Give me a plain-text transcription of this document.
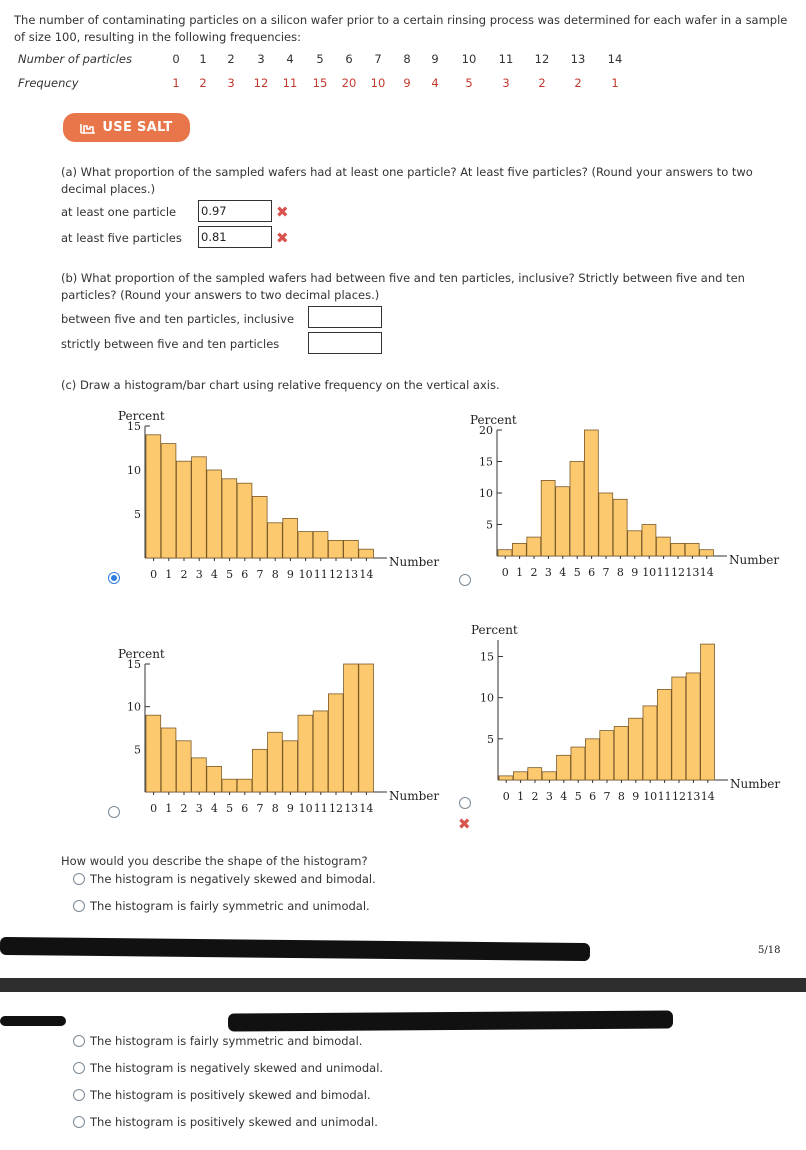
The number of contaminating particles on a silicon wafer prior to a certain rinsing process was determined for each wafer in a sample of size 100, resulting in the following frequencies:
Number of particles
Frequency
0
1
1
2
2
3
3
12
4
11
5
15
6
20
7
10
8
9
9
4
10
5
11
3
12
2
13
2
14
1
USE SALT
(a) What proportion of the sampled wafers had at least one particle? At least five particles? (Round your answers to two decimal places.)
at least one particle 0.97	✖
at least five particles 0.81	✖
(b) What proportion of the sampled wafers had between five and ten particles, inclusive? Strictly between five and ten particles? (Round your answers to two decimal places.)
between five and ten particles, inclusive
strictly between five and ten particles
(c) Draw a histogram/bar chart using relative frequency on the vertical axis.
Percent
Number
5
10
15
0 1 2 3 4 5 6 7 8 9 10 11 12 13 14
Percent
Number
5
10
20
15
0 1 2 3 4 5 6 7 8 9 10 11 12 13 14
Percent
Number
5
10
15
0 1 2 3 4 5 6 7 8 9 10 11 12 13 14
Percent
Number
5
10
15
0 1 2 3 4 5 6 7 8 9 10 11 12 13 14
✖
How would you describe the shape of the histogram?
The histogram is negatively skewed and bimodal.
The histogram is fairly symmetric and unimodal.
5/18
The histogram is fairly symmetric and bimodal.
The histogram is negatively skewed and unimodal.
The histogram is positively skewed and bimodal.
The histogram is positively skewed and unimodal.
